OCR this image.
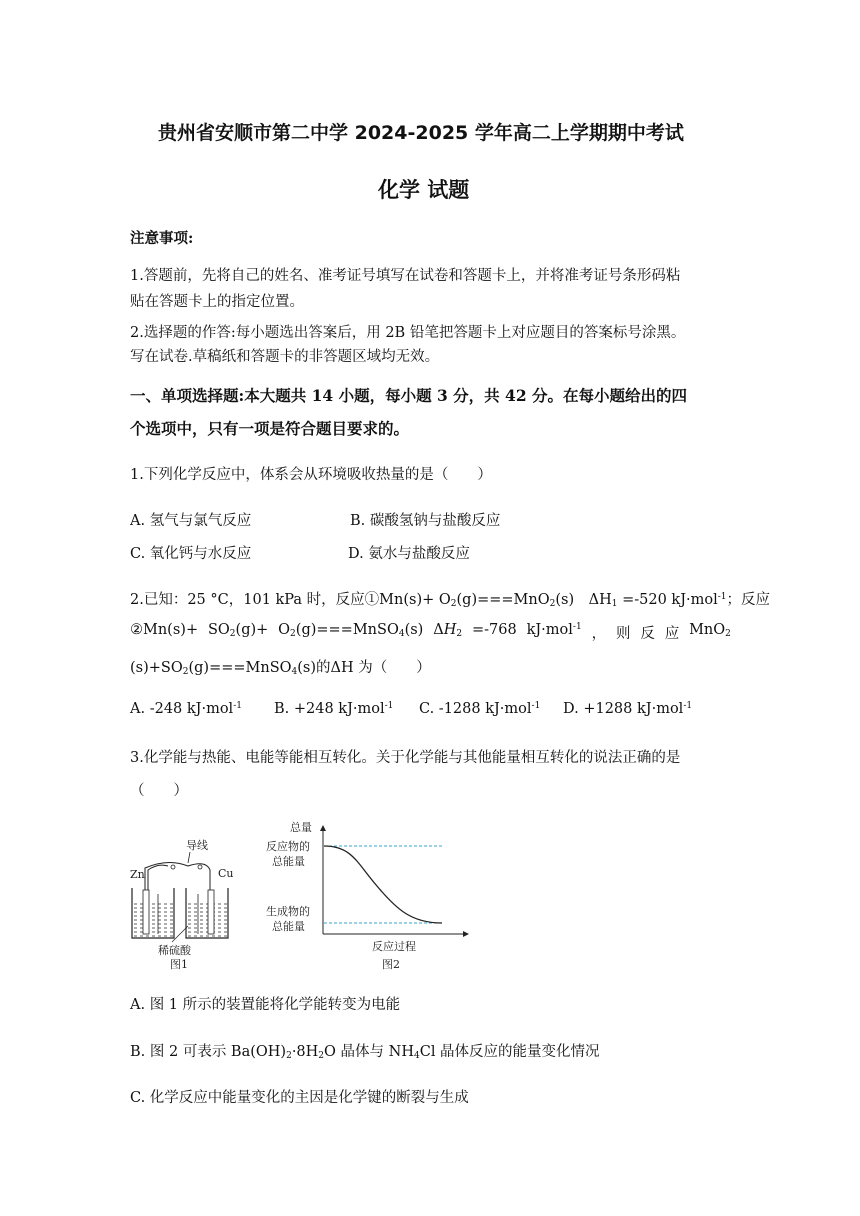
贵州省安顺市第二中学 2024-2025 学年高二上学期期中考试
化学 试题
注意事项:
1.答题前，先将自己的姓名、准考证号填写在试卷和答题卡上，并将准考证号条形码粘
贴在答题卡上的指定位置。
2.选择题的作答:每小题选出答案后，用 2B 铅笔把答题卡上对应题目的答案标号涂黑。
写在试卷.草稿纸和答题卡的非答题区域均无效。
一、单项选择题:本大题共 14 小题，每小题 3 分，共 42 分。在每小题给出的四
个选项中，只有一项是符合题目要求的。
1.下列化学反应中，体系会从环境吸收热量的是（　　）
A. 氢气与氯气反应	B. 碳酸氢钠与盐酸反应
C. 氧化钙与水反应	D. 氨水与盐酸反应
2.已知：25 °C，101 kPa 时，反应①Mn(s)+ $O_2(g)===MnO_2(s)$　$\Delta H_1 =-520$ kJ·mol$^{-1}$；反应
②Mn(s)+ $SO_2(g)+$ $O_2(g)===MnSO_4(s)$ $\Delta H_2 =-768$ kJ·mol$^{-1}$ ， 则 反 应 MnO$_2$
$(s)+SO_2(g)===MnSO_4(s)$的ΔH 为（　　）
A. -248 kJ·mol$^{-1}$ B. +248 kJ·mol$^{-1}$ C. -1288 kJ·mol$^{-1}$ D. +1288 kJ·mol$^{-1}$
3.化学能与热能、电能等能相互转化。关于化学能与其他能量相互转化的说法正确的是
（　　）
导线
Zn	Cu
稀硫酸
图1
总量
反应物的
总能量
生成物的
总能量
反应过程
图2
A. 图 1 所示的装置能将化学能转变为电能
B. 图 2 可表示 $Ba(OH)_2\cdot 8H_2O$ 晶体与 $NH_4Cl$ 晶体反应的能量变化情况
C. 化学反应中能量变化的主因是化学键的断裂与生成
